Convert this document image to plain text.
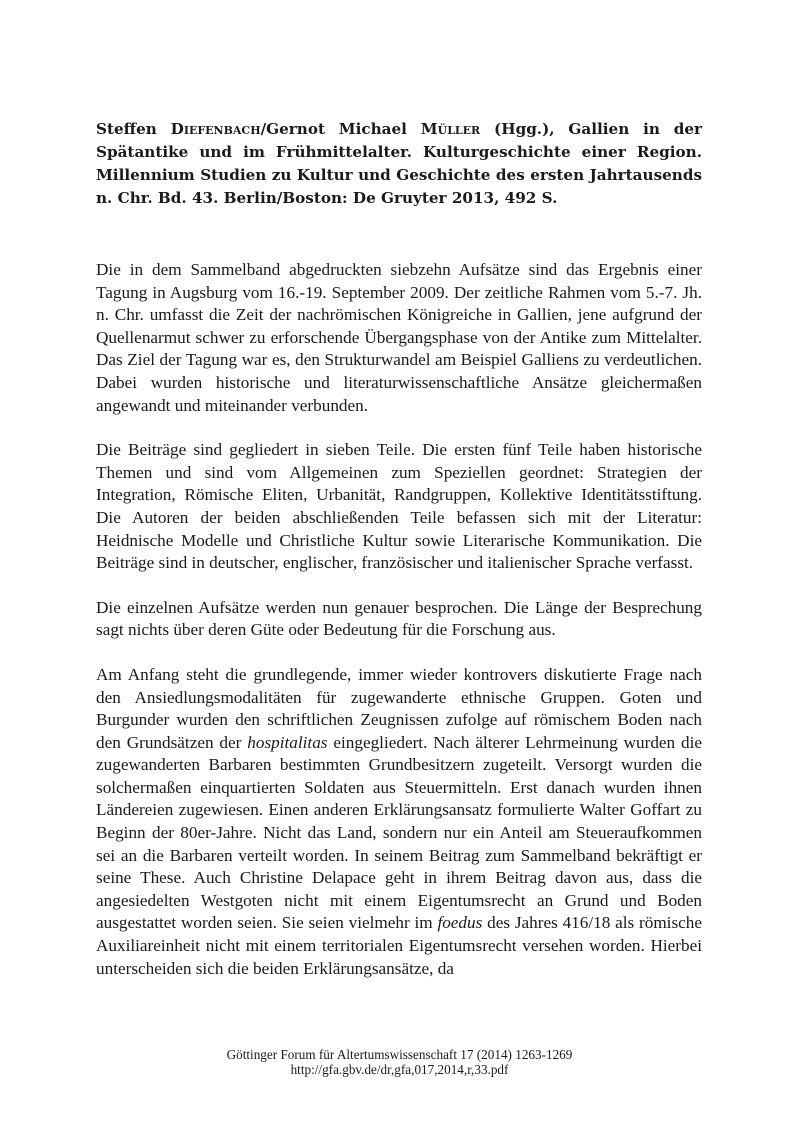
Steffen Diefenbach/Gernot Michael Müller (Hgg.), Gallien in der Spätantike und im Frühmittelalter. Kulturgeschichte einer Region. Millennium Studien zu Kultur und Geschichte des ersten Jahrtausends n. Chr. Bd. 43. Berlin/Boston: De Gruyter 2013, 492 S.

Die in dem Sammelband abgedruckten siebzehn Aufsätze sind das Ergebnis einer Tagung in Augsburg vom 16.-19. September 2009. Der zeitliche Rahmen vom 5.-7. Jh. n. Chr. umfasst die Zeit der nachrömischen Königreiche in Gallien, jene aufgrund der Quellenarmut schwer zu erforschende Übergangsphase von der Antike zum Mittelalter. Das Ziel der Tagung war es, den Strukturwandel am Beispiel Galliens zu verdeutlichen. Dabei wurden historische und literaturwissenschaftliche Ansätze gleichermaßen angewandt und miteinander verbunden.

Die Beiträge sind gegliedert in sieben Teile. Die ersten fünf Teile haben historische Themen und sind vom Allgemeinen zum Speziellen geordnet: Strategien der Integration, Römische Eliten, Urbanität, Randgruppen, Kollektive Identitätsstiftung. Die Autoren der beiden abschließenden Teile befassen sich mit der Literatur: Heidnische Modelle und Christliche Kultur sowie Literarische Kommunikation. Die Beiträge sind in deutscher, englischer, französischer und italienischer Sprache verfasst.

Die einzelnen Aufsätze werden nun genauer besprochen. Die Länge der Besprechung sagt nichts über deren Güte oder Bedeutung für die Forschung aus.

Am Anfang steht die grundlegende, immer wieder kontrovers diskutierte Frage nach den Ansiedlungsmodalitäten für zugewanderte ethnische Gruppen. Goten und Burgunder wurden den schriftlichen Zeugnissen zufolge auf römischem Boden nach den Grundsätzen der hospitalitas eingegliedert. Nach älterer Lehrmeinung wurden die zugewanderten Barbaren bestimmten Grundbesitzern zugeteilt. Versorgt wurden die solchermaßen einquartierten Soldaten aus Steuermitteln. Erst danach wurden ihnen Ländereien zugewiesen. Einen anderen Erklärungsansatz formulierte Walter Goffart zu Beginn der 80er-Jahre. Nicht das Land, sondern nur ein Anteil am Steueraufkommen sei an die Barbaren verteilt worden. In seinem Beitrag zum Sammelband bekräftigt er seine These. Auch Christine Delapace geht in ihrem Beitrag davon aus, dass die angesiedelten Westgoten nicht mit einem Eigentumsrecht an Grund und Boden ausgestattet worden seien. Sie seien vielmehr im foedus des Jahres 416/18 als römische Auxiliareinheit nicht mit einem territorialen Eigentumsrecht versehen worden. Hierbei unterscheiden sich die beiden Erklärungsansätze, da

Göttinger Forum für Altertumswissenschaft 17 (2014) 1263-1269
http://gfa.gbv.de/dr,gfa,017,2014,r,33.pdf
